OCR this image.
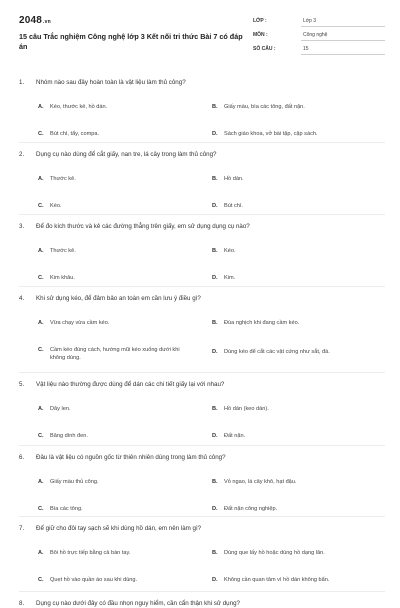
2048.vn
15 câu Trắc nghiệm Công nghệ lớp 3 Kết nối tri thức Bài 7 có đáp án
LỚP :	Lớp 3
MÔN :	Công nghệ
SỐ CÂU :	15
1.	Nhóm nào sau đây hoàn toàn là vật liệu làm thủ công?
A.	Kéo, thước kẻ, hồ dán.	B.	Giấy màu, bìa các tông, đất nặn.
C.	Bút chì, tẩy, compa.	D.	Sách giáo khoa, vở bài tập, cặp sách.
2.	Dụng cụ nào dùng để cắt giấy, nan tre, lá cây trong làm thủ công?
A.	Thước kẻ.	B.	Hồ dán.
C.	Kéo.	D.	Bút chì.
3.	Để đo kích thước và kẻ các đường thẳng trên giấy, em sử dụng dụng cụ nào?
A.	Thước kẻ.	B.	Kéo.
C.	Kim khâu.	D.	Kim.
4.	Khi sử dụng kéo, để đảm bảo an toàn em cần lưu ý điều gì?
A.	Vừa chạy vừa cầm kéo.	B.	Đùa nghịch khi đang cầm kéo.
C.	Cầm kéo đúng cách, hướng mũi kéo xuống dưới khi không dùng.
D.	Dùng kéo để cắt các vật cứng như sắt, đá.
5.	Vật liệu nào thường được dùng để dán các chi tiết giấy lại với nhau?
A.	Dây len.	B.	Hồ dán (keo dán).
C.	Băng dính đen.	D.	Đất nặn.
6.	Đâu là vật liệu có nguồn gốc từ thiên nhiên dùng trong làm thủ công?
A.	Giấy màu thủ công.	B.	Vỏ ngao, lá cây khô, hạt đậu.
C.	Bìa các tông.	D.	Đất nặn công nghiệp.
7.	Để giữ cho đôi tay sạch sẽ khi dùng hồ dán, em nên làm gì?
A.	Bôi hồ trực tiếp bằng cả bàn tay.	B.	Dùng que lấy hồ hoặc dùng hồ dạng lăn.
C.	Quẹt hồ vào quần áo sau khi dùng.	D.	Không cần quan tâm vì hồ dán không bẩn.
8.	Dụng cụ nào dưới đây có đầu nhọn nguy hiểm, cần cẩn thận khi sử dụng?
